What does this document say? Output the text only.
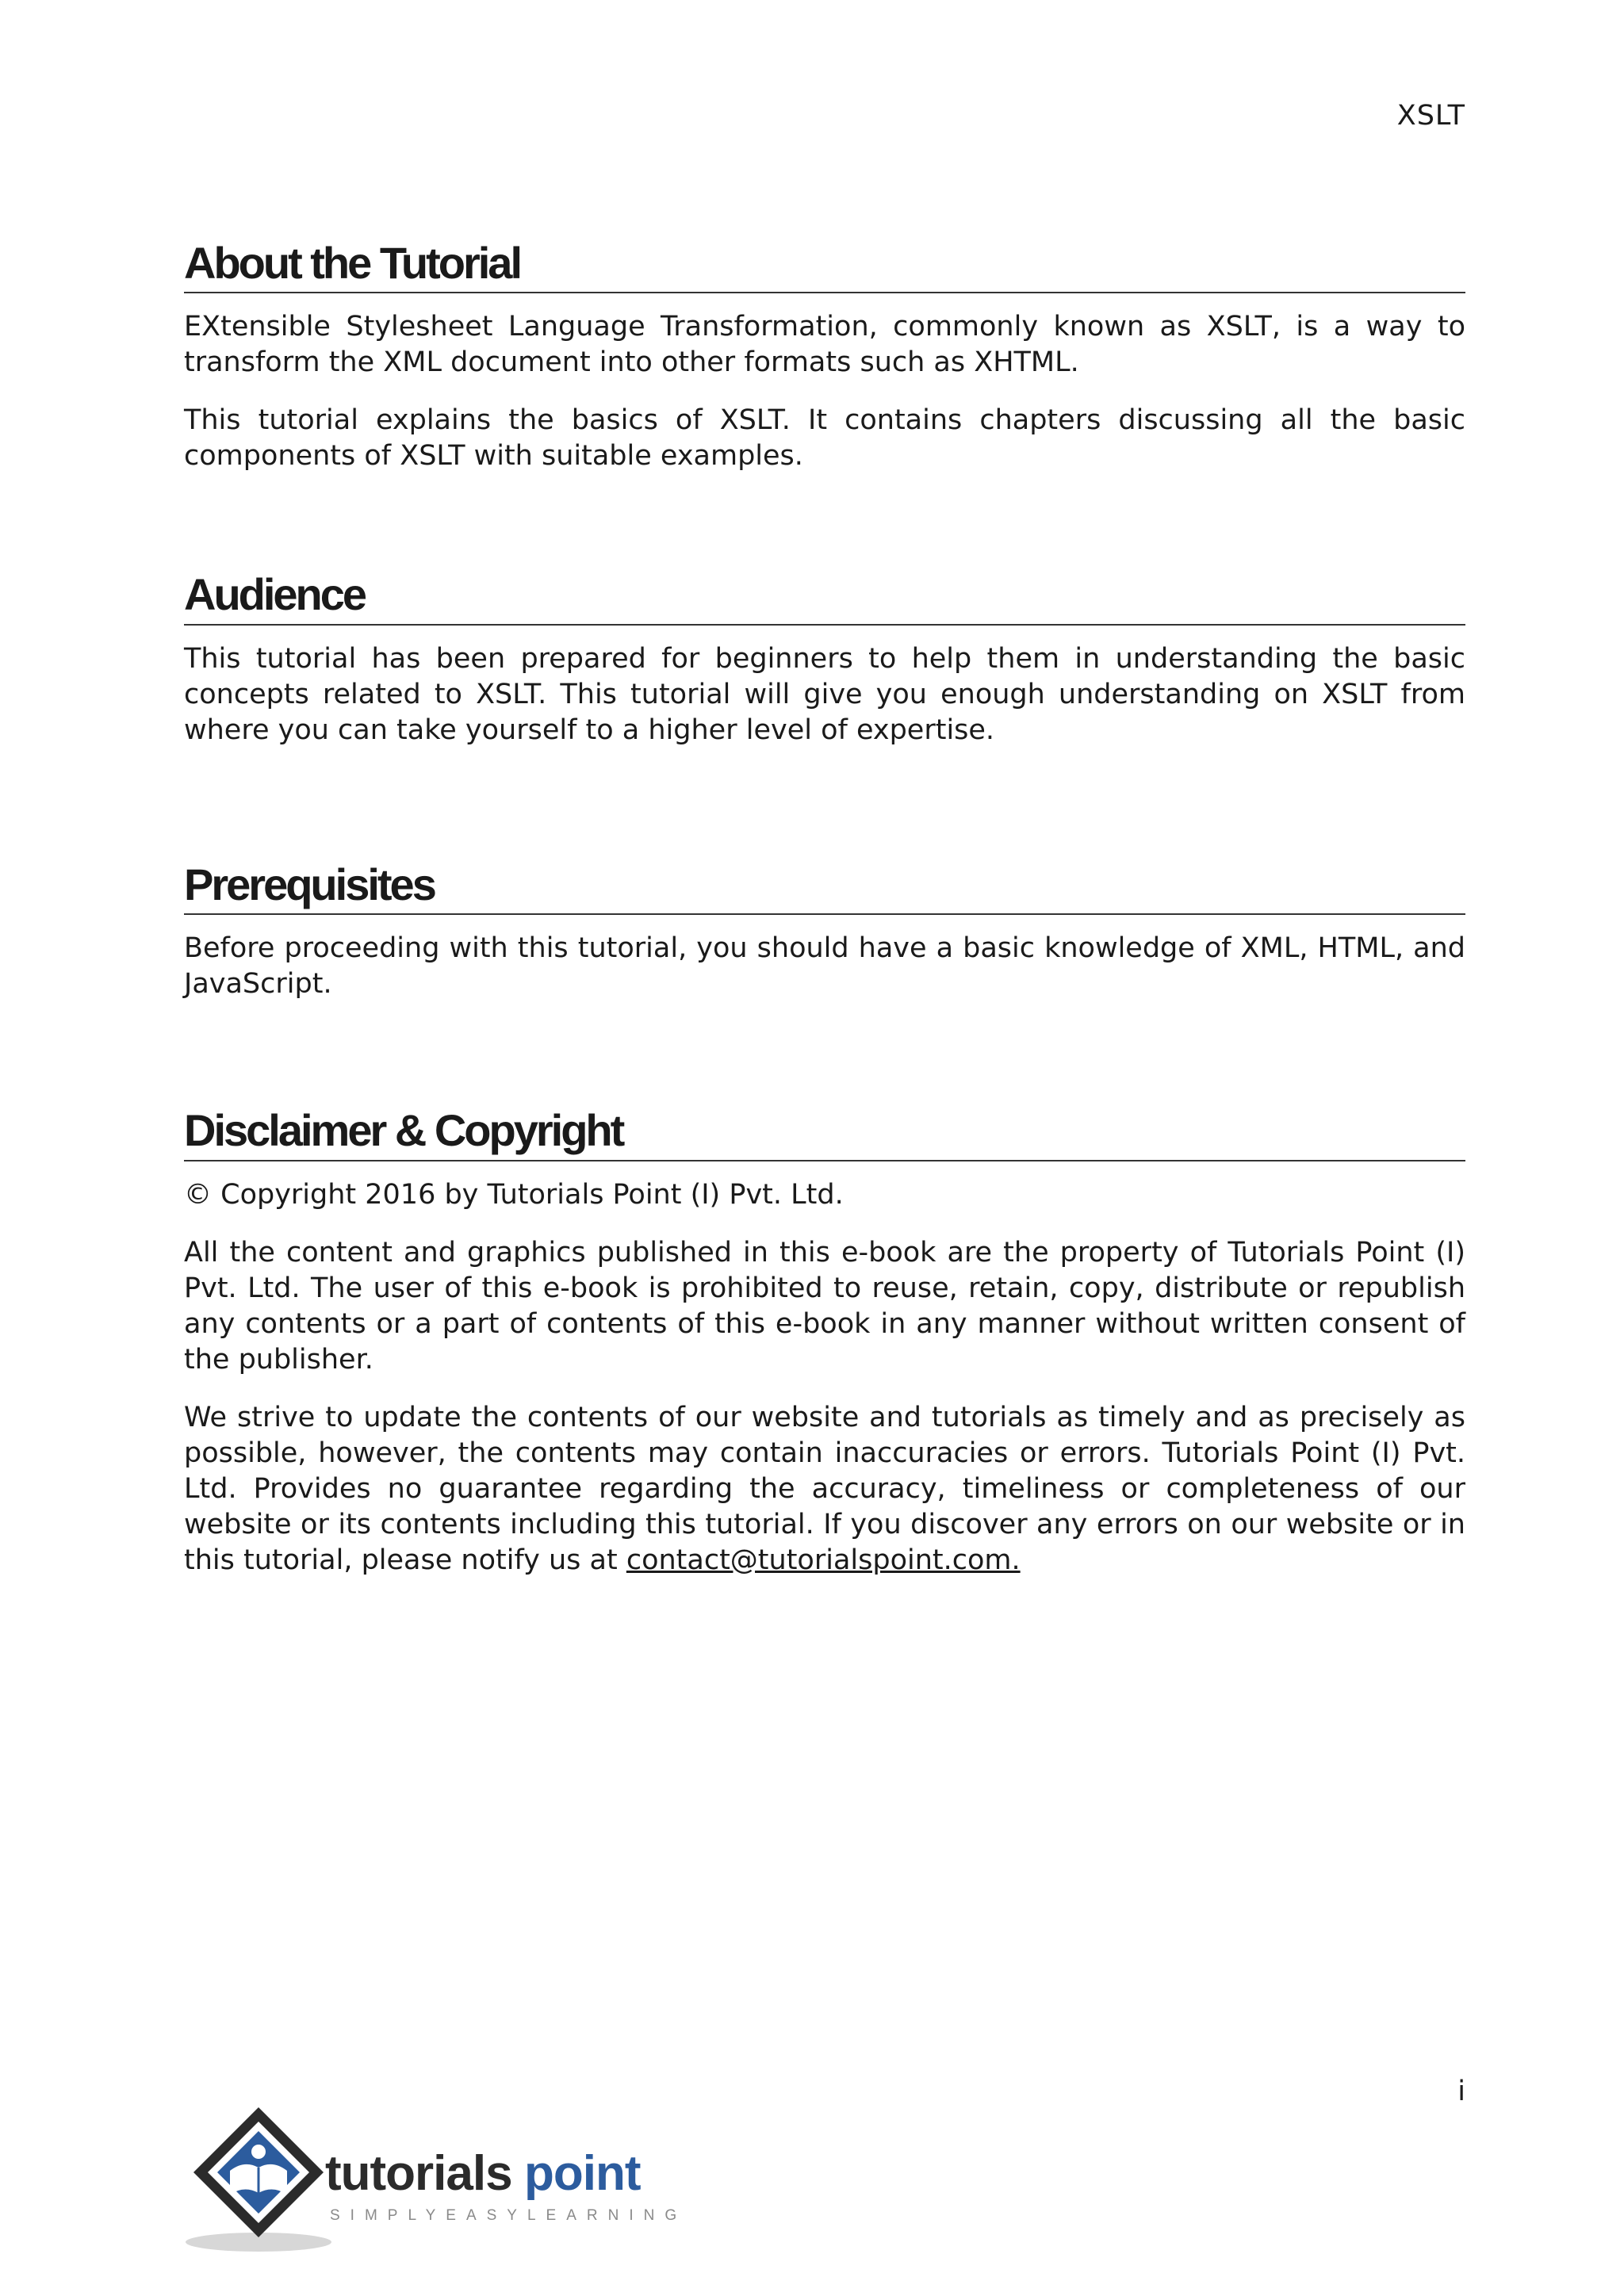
XSLT
About the Tutorial

EXtensible Stylesheet Language Transformation, commonly known as XSLT, is a way to transform the XML document into other formats such as XHTML.

This tutorial explains the basics of XSLT. It contains chapters discussing all the basic components of XSLT with suitable examples.

Audience

This tutorial has been prepared for beginners to help them in understanding the basic concepts related to XSLT. This tutorial will give you enough understanding on XSLT from where you can take yourself to a higher level of expertise.

Prerequisites

Before proceeding with this tutorial, you should have a basic knowledge of XML, HTML, and JavaScript.

Disclaimer & Copyright

© Copyright 2016 by Tutorials Point (I) Pvt. Ltd.

All the content and graphics published in this e-book are the property of Tutorials Point (I) Pvt. Ltd. The user of this e-book is prohibited to reuse, retain, copy, distribute or republish any contents or a part of contents of this e-book in any manner without written consent of the publisher.

We strive to update the contents of our website and tutorials as timely and as precisely as possible, however, the contents may contain inaccuracies or errors. Tutorials Point (I) Pvt. Ltd. Provides no guarantee regarding the accuracy, timeliness or completeness of our website or its contents including this tutorial. If you discover any errors on our website or in this tutorial, please notify us at contact@tutorialspoint.com.

i
tutorials point
SIMPLYEASYLEARNING
